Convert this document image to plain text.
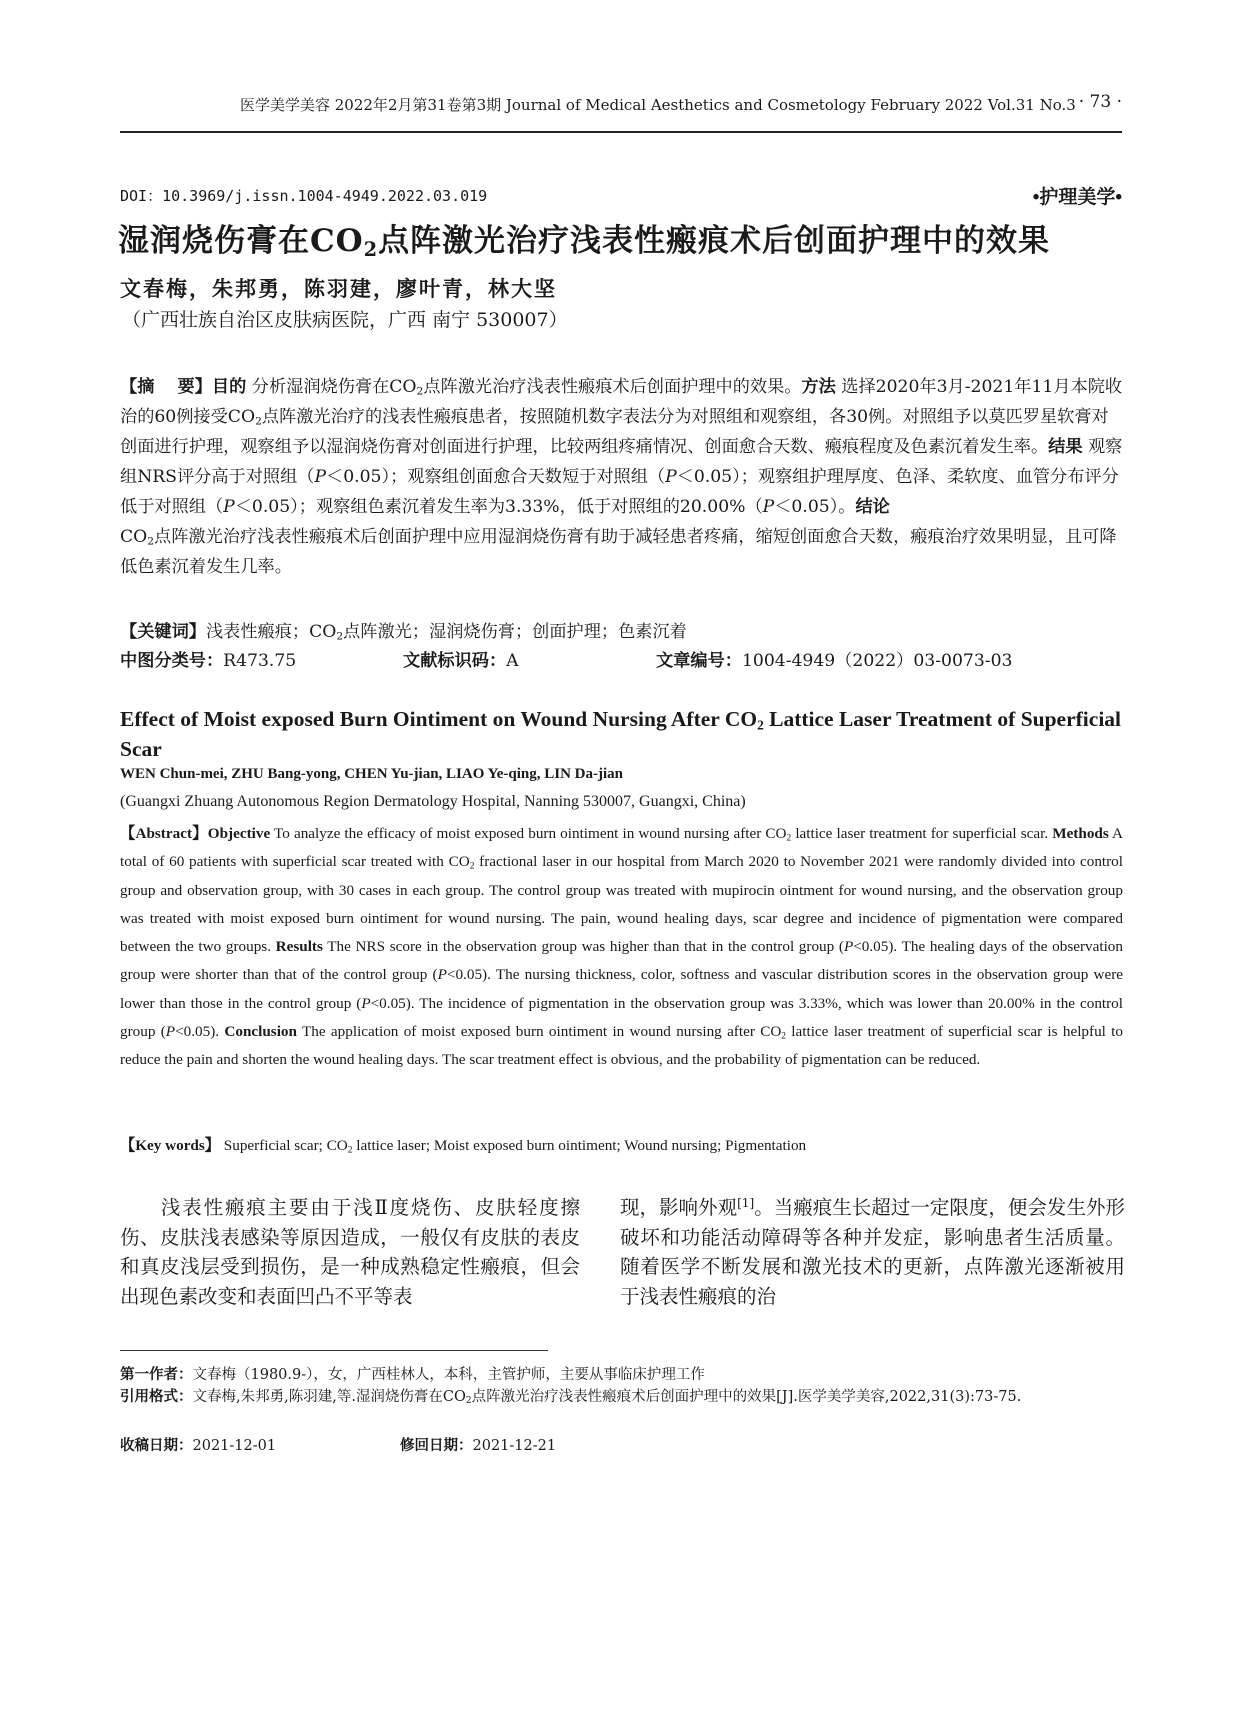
医学美学美容 2022年2月第31卷第3期 Journal of Medical Aesthetics and Cosmetology February 2022 Vol.31 No.3 · 73 ·
DOI：10.3969/j.issn.1004-4949.2022.03.019	•护理美学•
湿润烧伤膏在$CO_2$点阵激光治疗浅表性瘢痕术后创面护理中的效果
文春梅，朱邦勇，陈羽建，廖叶青，林大坚
（广西壮族自治区皮肤病医院，广西 南宁 530007）
【摘　 要】目的 分析湿润烧伤膏在$CO_2$点阵激光治疗浅表性瘢痕术后创面护理中的效果。方法 选择2020年3月-2021年11月本院收治的60例接受$CO_2$点阵激光治疗的浅表性瘢痕患者，按照随机数字表法分为对照组和观察组，各30例。对照组予以莫匹罗星软膏对创面进行护理，观察组予以湿润烧伤膏对创面进行护理，比较两组疼痛情况、创面愈合天数、瘢痕程度及色素沉着发生率。结果 观察组NRS评分高于对照组（P＜0.05）；观察组创面愈合天数短于对照组（P＜0.05）；观察组护理厚度、色泽、柔软度、血管分布评分低于对照组（P＜0.05）；观察组色素沉着发生率为3.33%，低于对照组的20.00%（P＜0.05）。结论
$CO_2$点阵激光治疗浅表性瘢痕术后创面护理中应用湿润烧伤膏有助于减轻患者疼痛，缩短创面愈合天数，瘢痕治疗效果明显，且可降低色素沉着发生几率。
【关键词】浅表性瘢痕；$CO_2$点阵激光；湿润烧伤膏；创面护理；色素沉着
中图分类号：R473.75	文献标识码：A	文章编号：1004-4949（2022）03-0073-03
Effect of Moist exposed Burn Ointiment on Wound Nursing After $CO_2$ Lattice Laser Treatment of Superficial Scar
WEN Chun-mei, ZHU Bang-yong, CHEN Yu-jian, LIAO Ye-qing, LIN Da-jian
(Guangxi Zhuang Autonomous Region Dermatology Hospital, Nanning 530007, Guangxi, China)
【Abstract】Objective To analyze the efficacy of moist exposed burn ointiment in wound nursing after $CO_2$ lattice laser treatment for superficial scar. Methods A total of 60 patients with superficial scar treated with $CO_2$ fractional laser in our hospital from March 2020 to November 2021 were randomly divided into control group and observation group, with 30 cases in each group. The control group was treated with mupirocin ointment for wound nursing, and the observation group was treated with moist exposed burn ointiment for wound nursing. The pain, wound healing days, scar degree and incidence of pigmentation were compared between the two groups. Results The NRS score in the observation group was higher than that in the control group (P<0.05). The healing days of the observation group were shorter than that of the control group (P<0.05). The nursing thickness, color, softness and vascular distribution scores in the observation group were lower than those in the control group (P<0.05). The incidence of pigmentation in the observation group was 3.33%, which was lower than 20.00% in the control group (P<0.05). Conclusion The application of moist exposed burn ointiment in wound nursing after $CO_2$ lattice laser treatment of superficial scar is helpful to reduce the pain and shorten the wound healing days. The scar treatment effect is obvious, and the probability of pigmentation can be reduced.
【Key words】 Superficial scar; $CO_2$ lattice laser; Moist exposed burn ointiment; Wound nursing; Pigmentation
浅表性瘢痕主要由于浅Ⅱ度烧伤、皮肤轻度擦伤、皮肤浅表感染等原因造成，一般仅有皮肤的表皮和真皮浅层受到损伤，是一种成熟稳定性瘢痕，但会出现色素改变和表面凹凸不平等表
现，影响外观[1]。当瘢痕生长超过一定限度，便会发生外形破坏和功能活动障碍等各种并发症，影响患者生活质量。随着医学不断发展和激光技术的更新，点阵激光逐渐被用于浅表性瘢痕的治
第一作者：文春梅（1980.9-），女，广西桂林人，本科，主管护师，主要从事临床护理工作
引用格式：文春梅,朱邦勇,陈羽建,等.湿润烧伤膏在$CO_2$点阵激光治疗浅表性瘢痕术后创面护理中的效果[J].医学美学美容,2022,31(3):73-75.
收稿日期：2021-12-01	修回日期：2021-12-21
